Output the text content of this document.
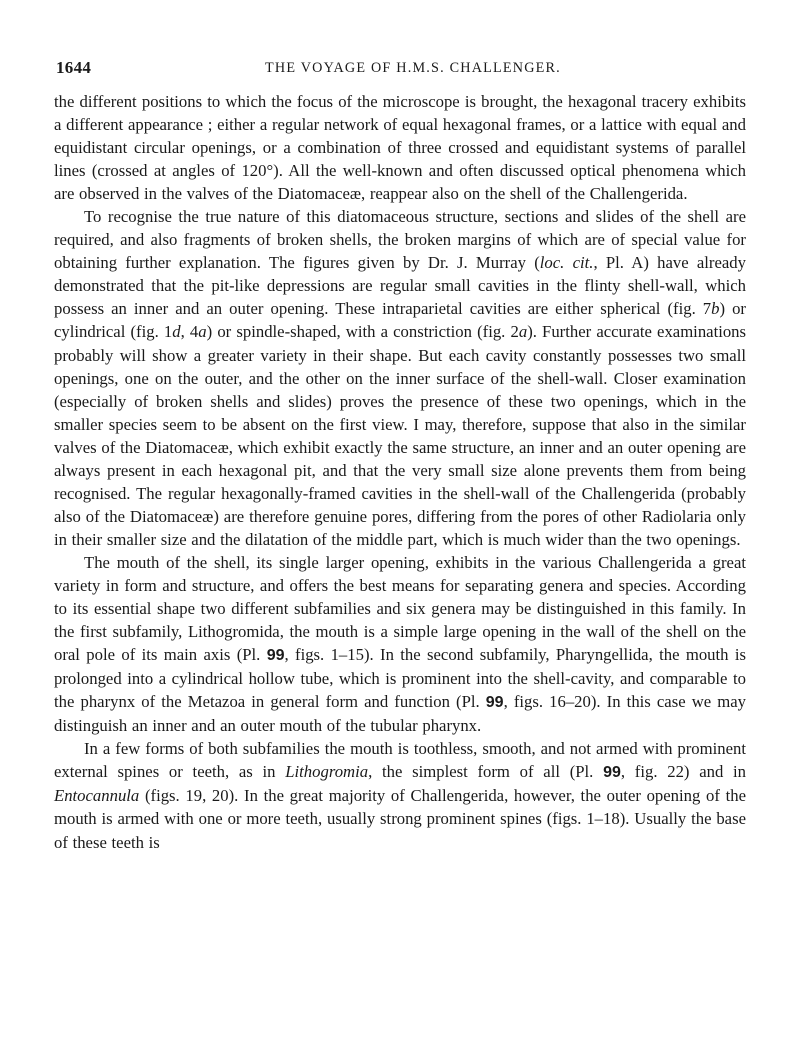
1644	THE VOYAGE OF H.M.S. CHALLENGER.

the different positions to which the focus of the microscope is brought, the hexagonal tracery exhibits a different appearance ; either a regular network of equal hexagonal frames, or a lattice with equal and equidistant circular openings, or a combination of three crossed and equidistant systems of parallel lines (crossed at angles of 120°). All the well-known and often discussed optical phenomena which are observed in the valves of the Diatomaceæ, reappear also on the shell of the Challengerida.

To recognise the true nature of this diatomaceous structure, sections and slides of the shell are required, and also fragments of broken shells, the broken margins of which are of special value for obtaining further explanation. The figures given by Dr. J. Murray (loc. cit., Pl. A) have already demonstrated that the pit-like depressions are regular small cavities in the flinty shell-wall, which possess an inner and an outer opening. These intraparietal cavities are either spherical (fig. 7b) or cylindrical (fig. 1d, 4a) or spindle-shaped, with a constriction (fig. 2a). Further accurate examinations probably will show a greater variety in their shape. But each cavity constantly possesses two small openings, one on the outer, and the other on the inner surface of the shell-wall. Closer examination (especially of broken shells and slides) proves the presence of these two openings, which in the smaller species seem to be absent on the first view. I may, therefore, suppose that also in the similar valves of the Diatomaceæ, which exhibit exactly the same structure, an inner and an outer opening are always present in each hexagonal pit, and that the very small size alone prevents them from being recognised. The regular hexagonally-framed cavities in the shell-wall of the Challengerida (probably also of the Diatomaceæ) are therefore genuine pores, differing from the pores of other Radiolaria only in their smaller size and the dilatation of the middle part, which is much wider than the two openings.

The mouth of the shell, its single larger opening, exhibits in the various Challengerida a great variety in form and structure, and offers the best means for separating genera and species. According to its essential shape two different subfamilies and six genera may be distinguished in this family. In the first subfamily, Lithogromida, the mouth is a simple large opening in the wall of the shell on the oral pole of its main axis (Pl. 99, figs. 1–15). In the second subfamily, Pharyngellida, the mouth is prolonged into a cylindrical hollow tube, which is prominent into the shell-cavity, and comparable to the pharynx of the Metazoa in general form and function (Pl. 99, figs. 16–20). In this case we may distinguish an inner and an outer mouth of the tubular pharynx.

In a few forms of both subfamilies the mouth is toothless, smooth, and not armed with prominent external spines or teeth, as in Lithogromia, the simplest form of all (Pl. 99, fig. 22) and in Entocannula (figs. 19, 20). In the great majority of Challengerida, however, the outer opening of the mouth is armed with one or more teeth, usually strong prominent spines (figs. 1–18). Usually the base of these teeth is
